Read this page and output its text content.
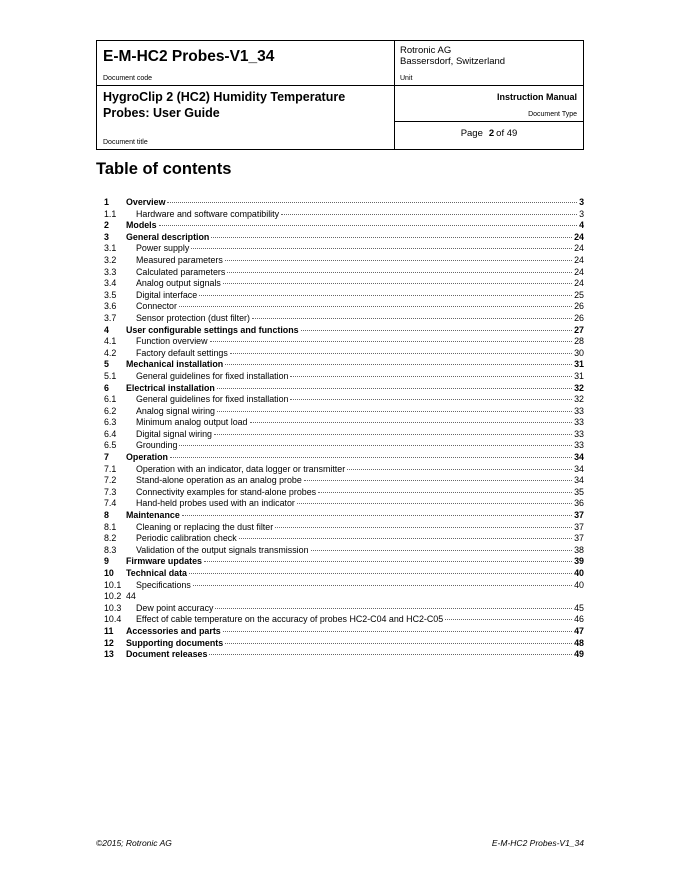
E-M-HC2 Probes-V1_34
Document code
Rotronic AG
Bassersdorf, Switzerland
Unit
HygroClip 2 (HC2) Humidity Temperature
Probes: User Guide
Document title
Instruction Manual
Document Type
Page 2 of 49
Table of contents
1	Overview	3
1.1	Hardware and software compatibility	3
2	Models	4
3	General description	24
3.1	Power supply	24
3.2	Measured parameters	24
3.3	Calculated parameters	24
3.4	Analog output signals	24
3.5	Digital interface	25
3.6	Connector	26
3.7	Sensor protection (dust filter)	26
4	User configurable settings and functions	27
4.1	Function overview	28
4.2	Factory default settings	30
5	Mechanical installation	31
5.1	General guidelines for fixed installation	31
6	Electrical installation	32
6.1	General guidelines for fixed installation	32
6.2	Analog signal wiring	33
6.3	Minimum analog output load	33
6.4	Digital signal wiring	33
6.5	Grounding	33
7	Operation	34
7.1	Operation with an indicator, data logger or transmitter	34
7.2	Stand-alone operation as an analog probe	34
7.3	Connectivity examples for stand-alone probes	35
7.4	Hand-held probes used with an indicator	36
8	Maintenance	37
8.1	Cleaning or replacing the dust filter	37
8.2	Periodic calibration check	37
8.3	Validation of the output signals transmission	38
9	Firmware updates	39
10	Technical data	40
10.1	Specifications	40
10.2 44
10.3	Dew point accuracy	45
10.4	Effect of cable temperature on the accuracy of probes HC2-C04 and HC2-C05	46
11	Accessories and parts	47
12	Supporting documents	48
13	Document releases	49
©2015; Rotronic AG	E-M-HC2 Probes-V1_34
